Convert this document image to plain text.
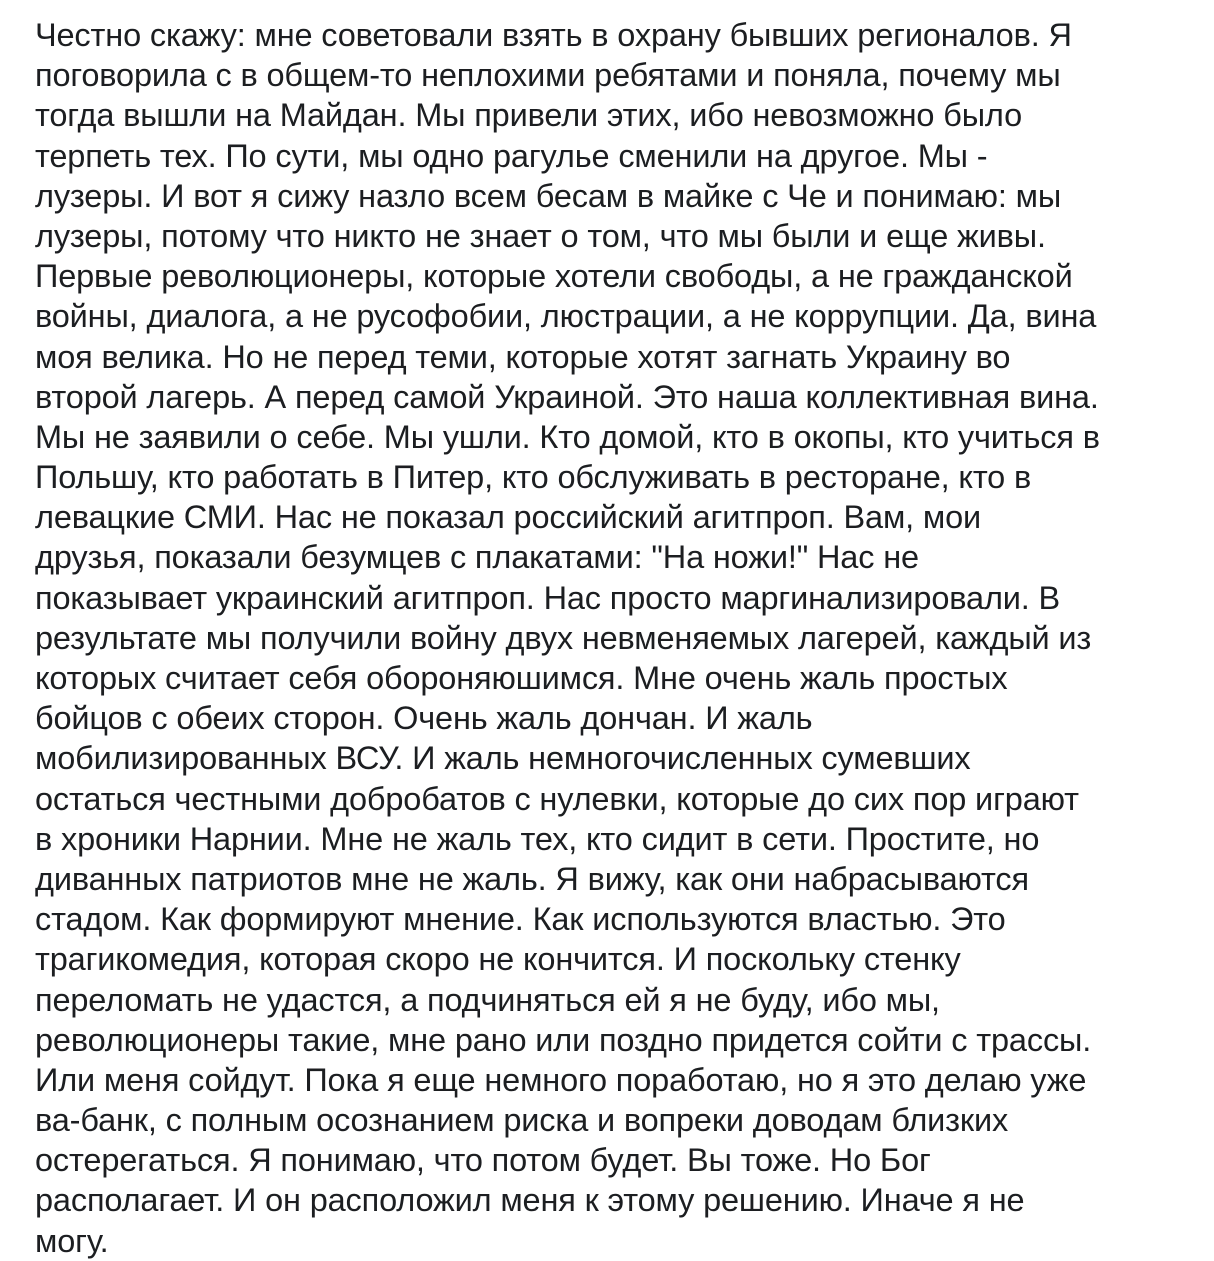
Честно скажу: мне советовали взять в охрану бывших регионалов. Я
поговорила с в общем-то неплохими ребятами и поняла, почему мы
тогда вышли на Майдан. Мы привели этих, ибо невозможно было
терпеть тех. По сути, мы одно рагулье сменили на другое. Мы -
лузеры. И вот я сижу назло всем бесам в майке с Че и понимаю: мы
лузеры, потому что никто не знает о том, что мы были и еще живы.
Первые революционеры, которые хотели свободы, а не гражданской
войны, диалога, а не русофобии, люстрации, а не коррупции. Да, вина
моя велика. Но не перед теми, которые хотят загнать Украину во
второй лагерь. А перед самой Украиной. Это наша коллективная вина.
Мы не заявили о себе. Мы ушли. Кто домой, кто в окопы, кто учиться в
Польшу, кто работать в Питер, кто обслуживать в ресторане, кто в
левацкие СМИ. Нас не показал российский агитпроп. Вам, мои
друзья, показали безумцев с плакатами: "На ножи!" Нас не
показывает украинский агитпроп. Нас просто маргинализировали. В
результате мы получили войну двух невменяемых лагерей, каждый из
которых считает себя обороняюшимся. Мне очень жаль простых
бойцов с обеих сторон. Очень жаль дончан. И жаль
мобилизированных ВСУ. И жаль немногочисленных сумевших
остаться честными добробатов с нулевки, которые до сих пор играют
в хроники Нарнии. Мне не жаль тех, кто сидит в сети. Простите, но
диванных патриотов мне не жаль. Я вижу, как они набрасываются
стадом. Как формируют мнение. Как используются властью. Это
трагикомедия, которая скоро не кончится. И поскольку стенку
переломать не удастся, а подчиняться ей я не буду, ибо мы,
революционеры такие, мне рано или поздно придется сойти с трассы.
Или меня сойдут. Пока я еще немного поработаю, но я это делаю уже
ва-банк, с полным осознанием риска и вопреки доводам близких
остерегаться. Я понимаю, что потом будет. Вы тоже. Но Бог
располагает. И он расположил меня к этому решению. Иначе я не
могу.
